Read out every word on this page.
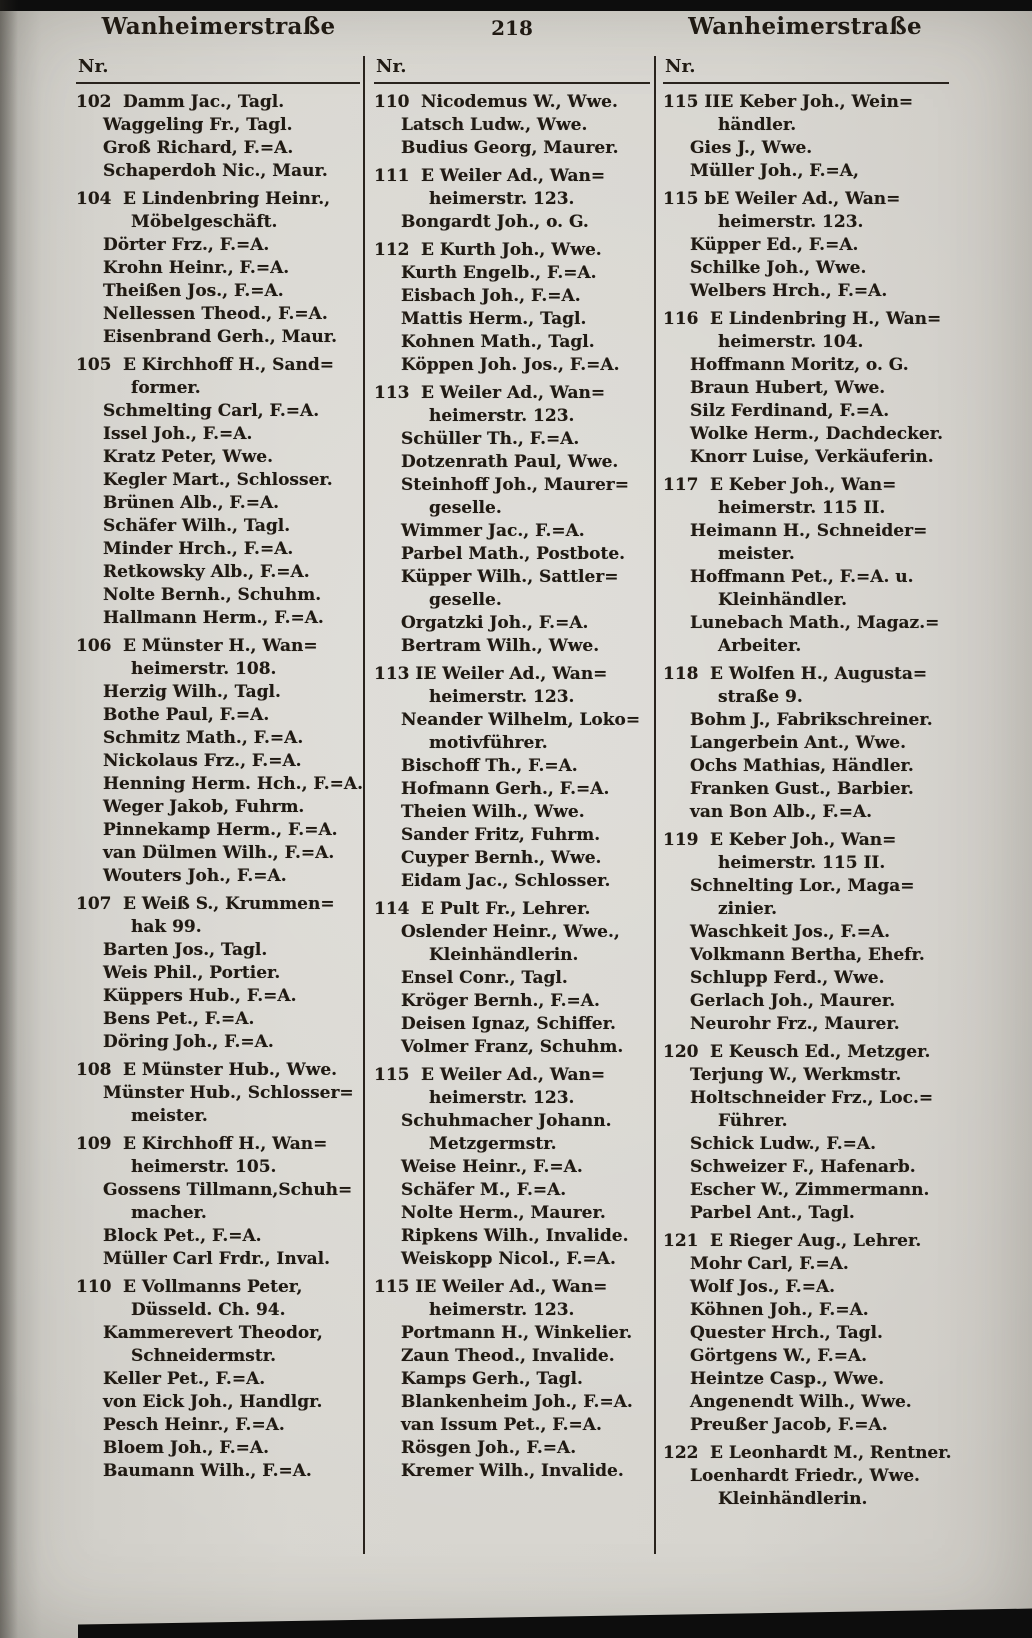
Wanheimerstraße	218	Wanheimerstraße
Nr.
102 Damm Jac., Tagl.
Waggeling Fr., Tagl.
Groß Richard, F.=A.
Schaperdoh Nic., Maur.
104 E Lindenbring Heinr.,
Möbelgeschäft.
Dörter Frz., F.=A.
Krohn Heinr., F.=A.
Theißen Jos., F.=A.
Nellessen Theod., F.=A.
Eisenbrand Gerh., Maur.
105 E Kirchhoff H., Sand=
former.
Schmelting Carl, F.=A.
Issel Joh., F.=A.
Kratz Peter, Wwe.
Kegler Mart., Schlosser.
Brünen Alb., F.=A.
Schäfer Wilh., Tagl.
Minder Hrch., F.=A.
Retkowsky Alb., F.=A.
Nolte Bernh., Schuhm.
Hallmann Herm., F.=A.
106 E Münster H., Wan=
heimerstr. 108.
Herzig Wilh., Tagl.
Bothe Paul, F.=A.
Schmitz Math., F.=A.
Nickolaus Frz., F.=A.
Henning Herm. Hch., F.=A.
Weger Jakob, Fuhrm.
Pinnekamp Herm., F.=A.
van Dülmen Wilh., F.=A.
Wouters Joh., F.=A.
107 E Weiß S., Krummen=
hak 99.
Barten Jos., Tagl.
Weis Phil., Portier.
Küppers Hub., F.=A.
Bens Pet., F.=A.
Döring Joh., F.=A.
108 E Münster Hub., Wwe.
Münster Hub., Schlosser=
meister.
109 E Kirchhoff H., Wan=
heimerstr. 105.
Gossens Tillmann,Schuh=
macher.
Block Pet., F.=A.
Müller Carl Frdr., Inval.
110 E Vollmanns Peter,
Düsseld. Ch. 94.
Kammerevert Theodor,
Schneidermstr.
Keller Pet., F.=A.
von Eick Joh., Handlgr.
Pesch Heinr., F.=A.
Bloem Joh., F.=A.
Baumann Wilh., F.=A.
Nr.
110 Nicodemus W., Wwe.
Latsch Ludw., Wwe.
Budius Georg, Maurer.
111 E Weiler Ad., Wan=
heimerstr. 123.
Bongardt Joh., o. G.
112 E Kurth Joh., Wwe.
Kurth Engelb., F.=A.
Eisbach Joh., F.=A.
Mattis Herm., Tagl.
Kohnen Math., Tagl.
Köppen Joh. Jos., F.=A.
113 E Weiler Ad., Wan=
heimerstr. 123.
Schüller Th., F.=A.
Dotzenrath Paul, Wwe.
Steinhoff Joh., Maurer=
geselle.
Wimmer Jac., F.=A.
Parbel Math., Postbote.
Küpper Wilh., Sattler=
geselle.
Orgatzki Joh., F.=A.
Bertram Wilh., Wwe.
113 IE Weiler Ad., Wan=
heimerstr. 123.
Neander Wilhelm, Loko=
motivführer.
Bischoff Th., F.=A.
Hofmann Gerh., F.=A.
Theien Wilh., Wwe.
Sander Fritz, Fuhrm.
Cuyper Bernh., Wwe.
Eidam Jac., Schlosser.
114 E Pult Fr., Lehrer.
Oslender Heinr., Wwe.,
Kleinhändlerin.
Ensel Conr., Tagl.
Kröger Bernh., F.=A.
Deisen Ignaz, Schiffer.
Volmer Franz, Schuhm.
115 E Weiler Ad., Wan=
heimerstr. 123.
Schuhmacher Johann.
Metzgermstr.
Weise Heinr., F.=A.
Schäfer M., F.=A.
Nolte Herm., Maurer.
Ripkens Wilh., Invalide.
Weiskopp Nicol., F.=A.
115 IE Weiler Ad., Wan=
heimerstr. 123.
Portmann H., Winkelier.
Zaun Theod., Invalide.
Kamps Gerh., Tagl.
Blankenheim Joh., F.=A.
van Issum Pet., F.=A.
Rösgen Joh., F.=A.
Kremer Wilh., Invalide.
Nr.
115 IIE Keber Joh., Wein=
händler.
Gies J., Wwe.
Müller Joh., F.=A,
115 bE Weiler Ad., Wan=
heimerstr. 123.
Küpper Ed., F.=A.
Schilke Joh., Wwe.
Welbers Hrch., F.=A.
116 E Lindenbring H., Wan=
heimerstr. 104.
Hoffmann Moritz, o. G.
Braun Hubert, Wwe.
Silz Ferdinand, F.=A.
Wolke Herm., Dachdecker.
Knorr Luise, Verkäuferin.
117 E Keber Joh., Wan=
heimerstr. 115 II.
Heimann H., Schneider=
meister.
Hoffmann Pet., F.=A. u.
Kleinhändler.
Lunebach Math., Magaz.=
Arbeiter.
118 E Wolfen H., Augusta=
straße 9.
Bohm J., Fabrikschreiner.
Langerbein Ant., Wwe.
Ochs Mathias, Händler.
Franken Gust., Barbier.
van Bon Alb., F.=A.
119 E Keber Joh., Wan=
heimerstr. 115 II.
Schnelting Lor., Maga=
zinier.
Waschkeit Jos., F.=A.
Volkmann Bertha, Ehefr.
Schlupp Ferd., Wwe.
Gerlach Joh., Maurer.
Neurohr Frz., Maurer.
120 E Keusch Ed., Metzger.
Terjung W., Werkmstr.
Holtschneider Frz., Loc.=
Führer.
Schick Ludw., F.=A.
Schweizer F., Hafenarb.
Escher W., Zimmermann.
Parbel Ant., Tagl.
121 E Rieger Aug., Lehrer.
Mohr Carl, F.=A.
Wolf Jos., F.=A.
Köhnen Joh., F.=A.
Quester Hrch., Tagl.
Görtgens W., F.=A.
Heintze Casp., Wwe.
Angenendt Wilh., Wwe.
Preußer Jacob, F.=A.
122 E Leonhardt M., Rentner.
Loenhardt Friedr., Wwe.
Kleinhändlerin.
